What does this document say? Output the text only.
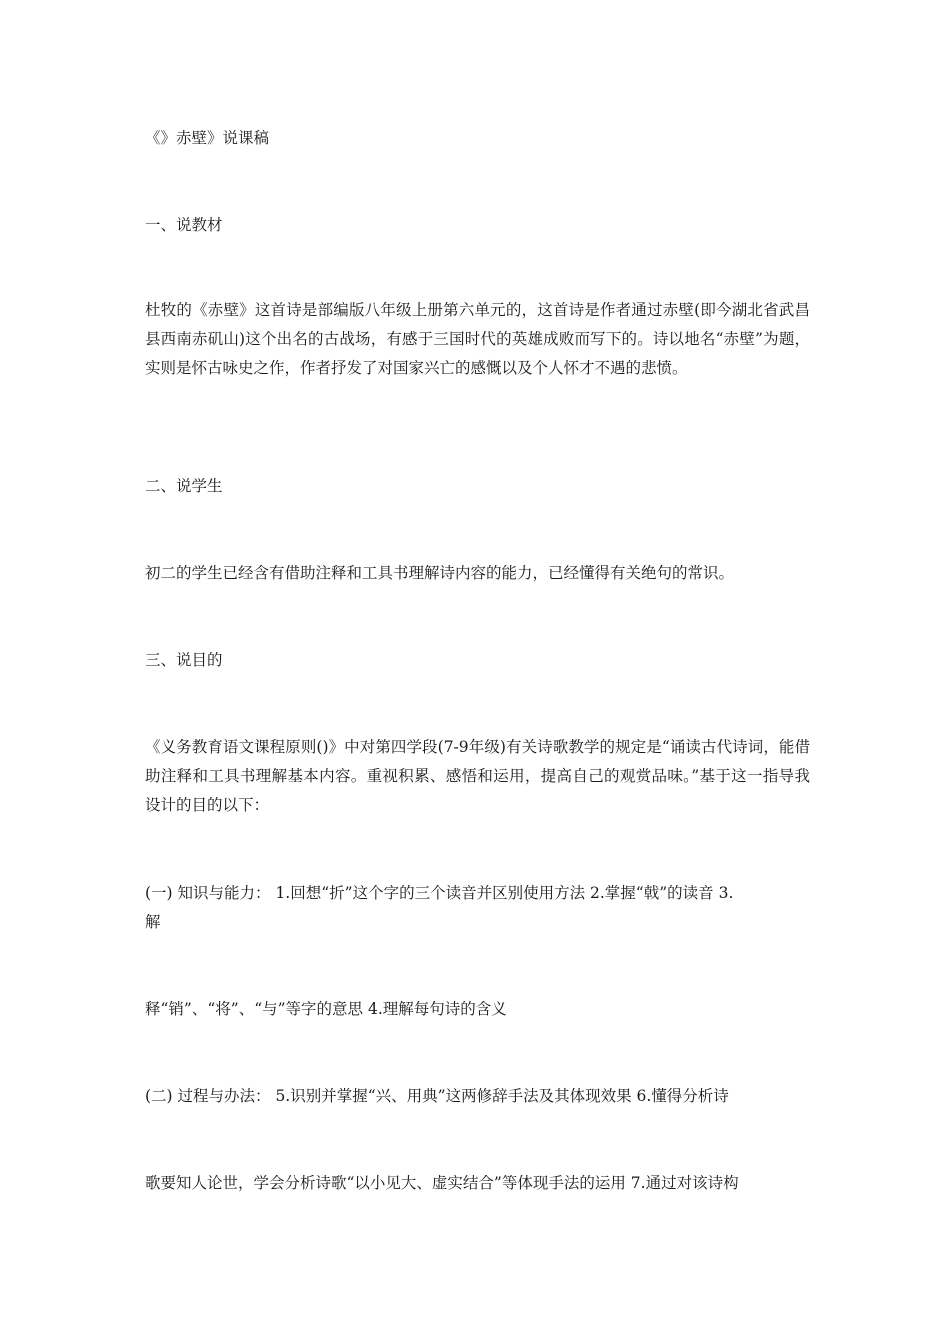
《》赤壁》说课稿

一、说教材

杜牧的《赤壁》这首诗是部编版八年级上册第六单元的，这首诗是作者通过赤壁(即今湖北省武昌县西南赤矶山)这个出名的古战场，有感于三国时代的英雄成败而写下的。诗以地名“赤壁”为题，实则是怀古咏史之作，作者抒发了对国家兴亡的感慨以及个人怀才不遇的悲愤。

二、说学生

初二的学生已经含有借助注释和工具书理解诗内容的能力，已经懂得有关绝句的常识。

三、说目的

《义务教育语文课程原则()》中对第四学段(7-9年级)有关诗歌教学的规定是“诵读古代诗词，能借助注释和工具书理解基本内容。重视积累、感悟和运用，提高自己的观赏品味。”基于这一指导我设计的目的以下：

(一) 知识与能力： 1.回想“折”这个字的三个读音并区别使用方法 2.掌握“戟”的读音 3.

解

释“销”、“将”、“与”等字的意思 4.理解每句诗的含义

(二) 过程与办法： 5.识别并掌握“兴、用典”这两修辞手法及其体现效果 6.懂得分析诗

歌要知人论世，学会分析诗歌“以小见大、虚实结合”等体现手法的运用 7.通过对该诗构
